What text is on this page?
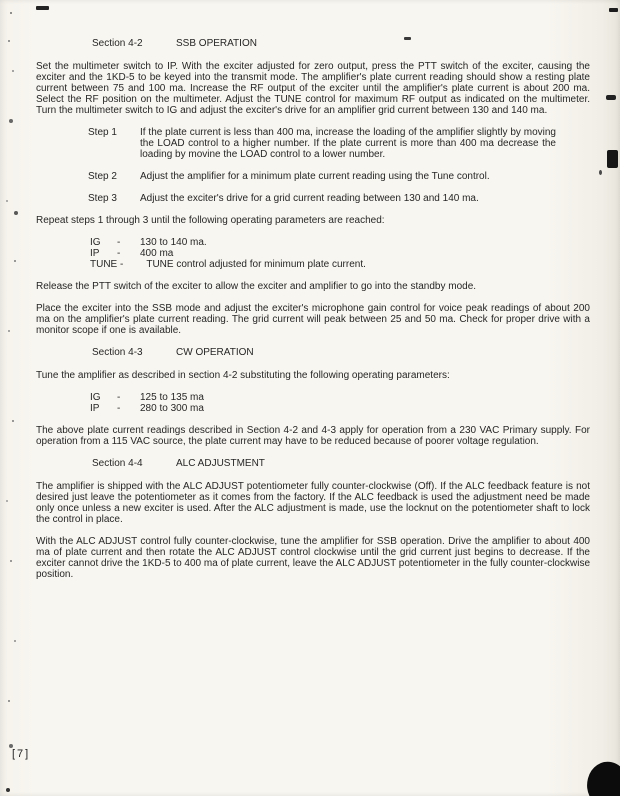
Section 4-2	SSB OPERATION

Set the multimeter switch to IP. With the exciter adjusted for zero output, press the PTT switch of the exciter, causing the exciter and the 1KD-5 to be keyed into the transmit mode. The amplifier's plate current reading should show a resting plate current between 75 and 100 ma. Increase the RF output of the exciter until the amplifier's plate current is about 200 ma. Select the RF position on the multimeter. Adjust the TUNE control for maximum RF output as indicated on the multimeter. Turn the multimeter switch to IG and adjust the exciter's drive for an amplifier grid current between 130 and 140 ma.

Step 1	If the plate current is less than 400 ma, increase the loading of the amplifier slightly by moving the LOAD control to a higher number. If the plate current is more than 400 ma decrease the loading by movine the LOAD control to a lower number.
Step 2	Adjust the amplifier for a minimum plate current reading using the Tune control.
Step 3	Adjust the exciter's drive for a grid current reading between 130 and 140 ma.

Repeat steps 1 through 3 until the following operating parameters are reached:

IG	-	130 to 140 ma.
IP	-	400 ma
TUNE - TUNE control adjusted for minimum plate current.

Release the PTT switch of the exciter to allow the exciter and amplifier to go into the standby mode.

Place the exciter into the SSB mode and adjust the exciter's microphone gain control for voice peak readings of about 200 ma on the amplifier's plate current reading. The grid current will peak between 25 and 50 ma. Check for proper drive with a monitor scope if one is available.

Section 4-3	CW OPERATION

Tune the amplifier as described in section 4-2 substituting the following operating parameters:

IG	-	125 to 135 ma
IP	-	280 to 300 ma

The above plate current readings described in Section 4-2 and 4-3 apply for operation from a 230 VAC Primary supply. For operation from a 115 VAC source, the plate current may have to be reduced because of poorer voltage regulation.

Section 4-4	ALC ADJUSTMENT

The amplifier is shipped with the ALC ADJUST potentiometer fully counter-clockwise (Off). If the ALC feedback feature is not desired just leave the potentiometer as it comes from the factory. If the ALC feedback is used the adjustment need be made only once unless a new exciter is used. After the ALC adjustment is made, use the locknut on the potentiometer shaft to lock the control in place.

With the ALC ADJUST control fully counter-clockwise, tune the amplifier for SSB operation. Drive the amplifier to about 400 ma of plate current and then rotate the ALC ADJUST control clockwise until the grid current just begins to decrease. If the exciter cannot drive the 1KD-5 to 400 ma of plate current, leave the ALC ADJUST potentiometer in the fully counter-clockwise position.

[7]
